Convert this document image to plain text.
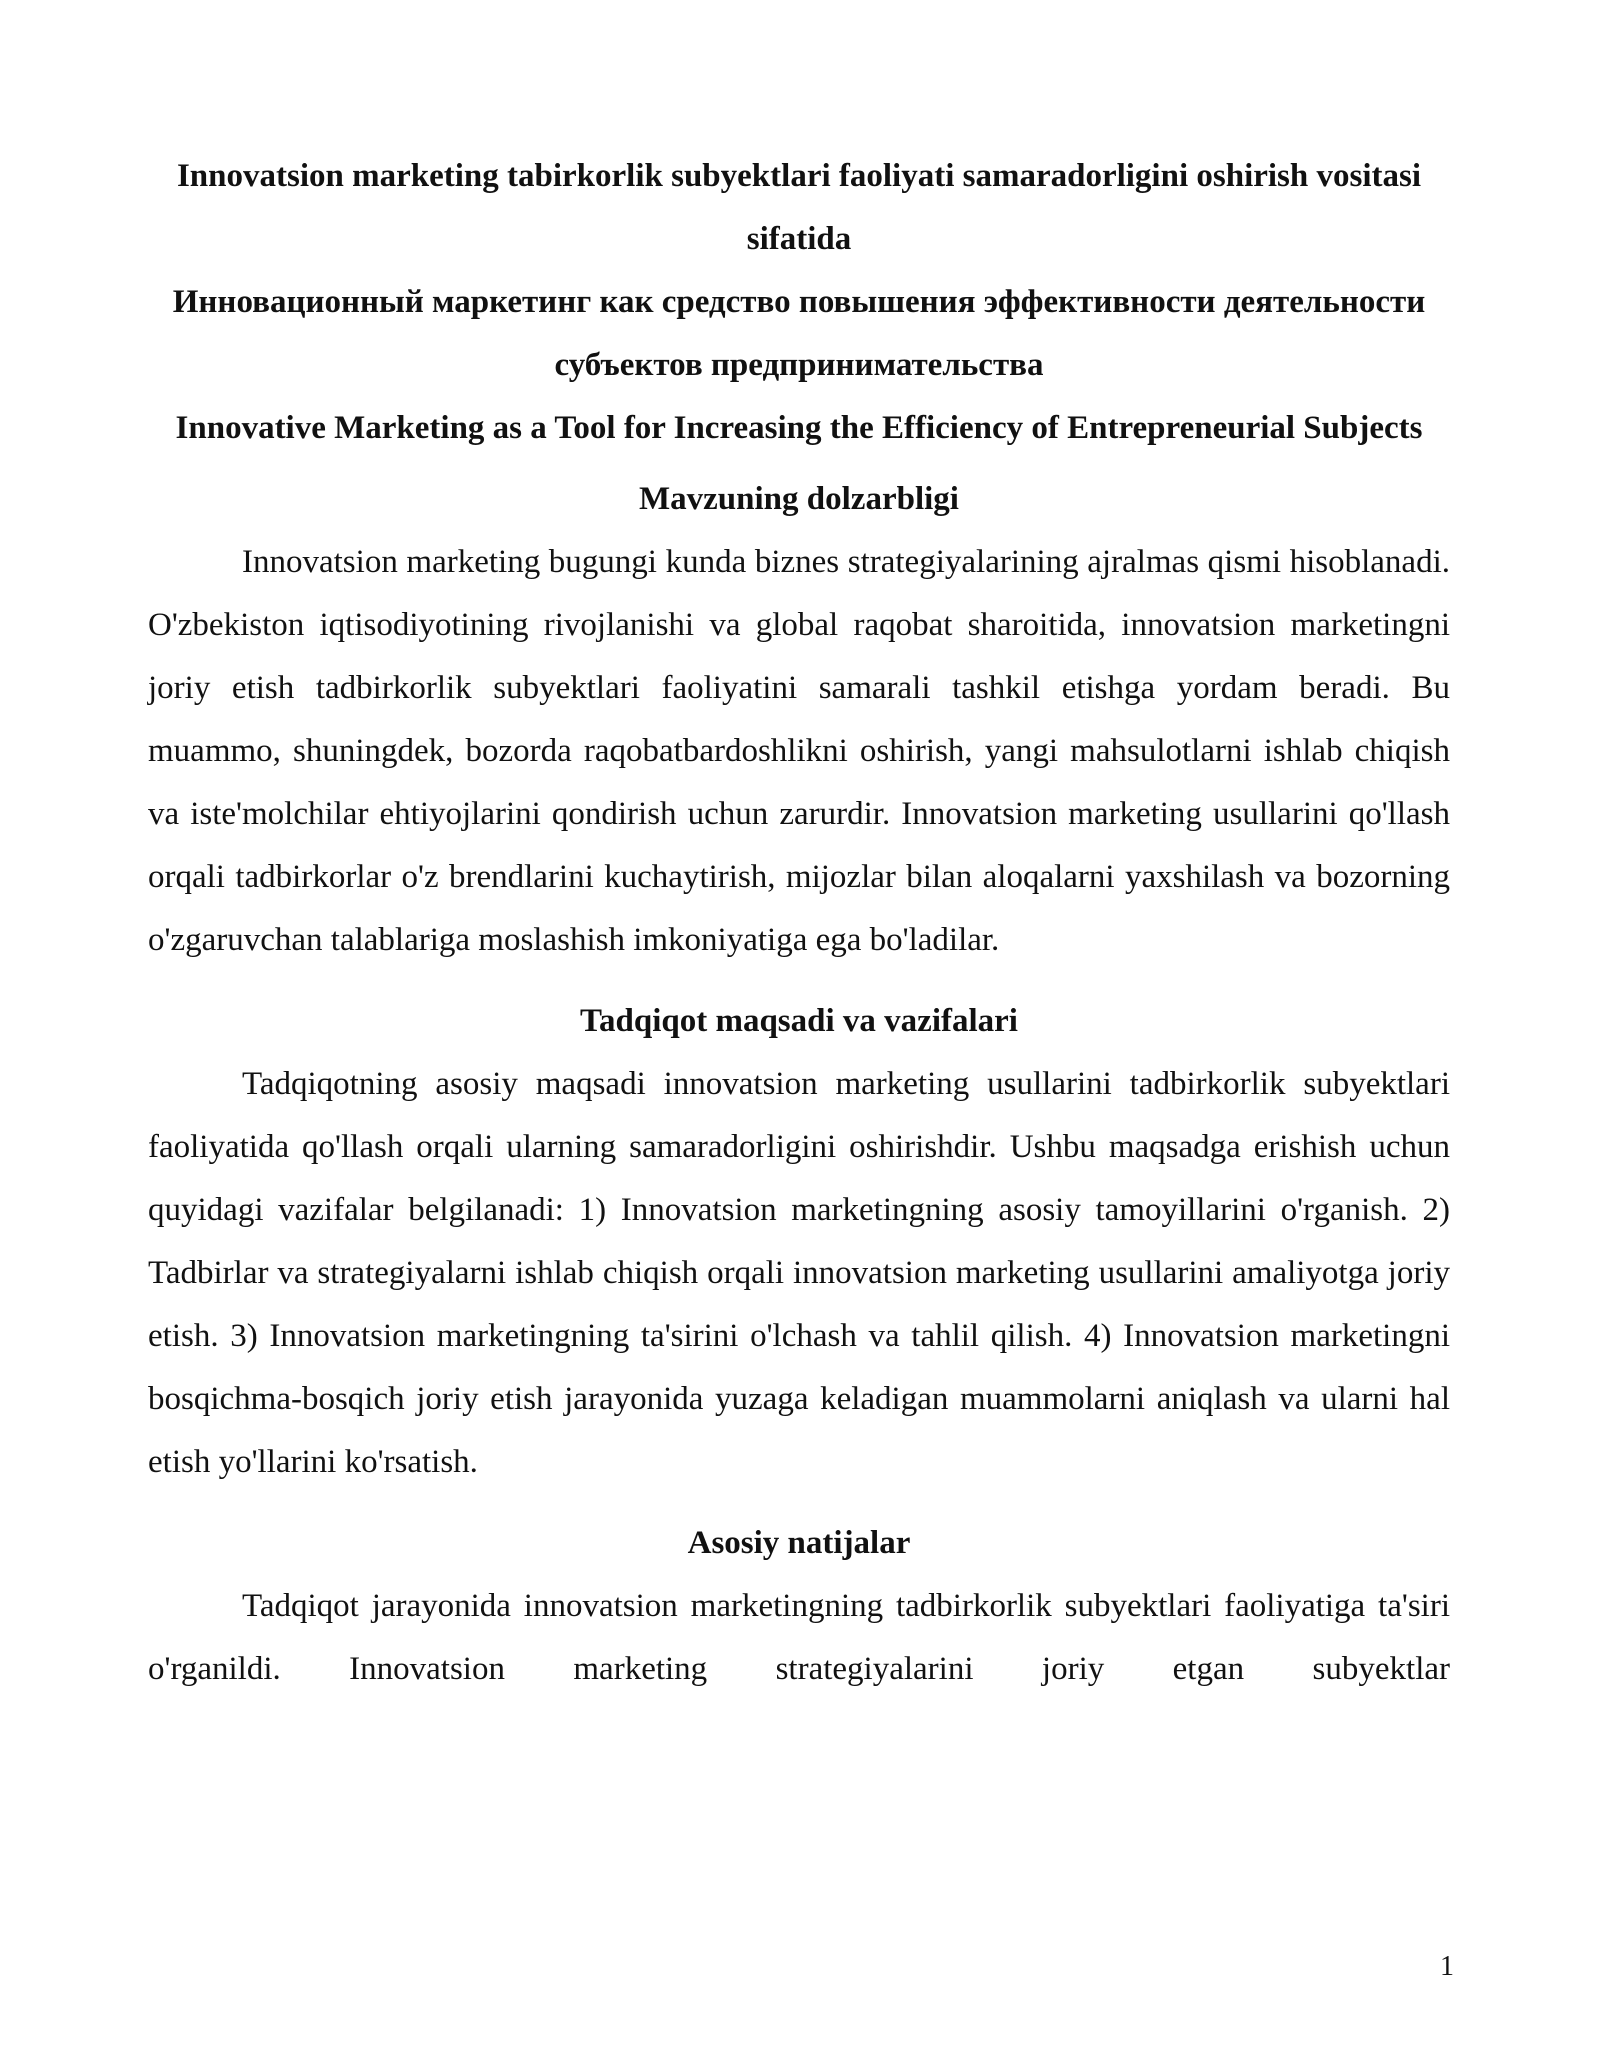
Innovatsion marketing tabirkorlik subyektlari faoliyati samaradorligini oshirish vositasi sifatida

Инновационный маркетинг как средство повышения эффективности деятельности субъектов предпринимательства

Innovative Marketing as a Tool for Increasing the Efficiency of Entrepreneurial Subjects

Mavzuning dolzarbligi

Innovatsion marketing bugungi kunda biznes strategiyalarining ajralmas qismi hisoblanadi. O'zbekiston iqtisodiyotining rivojlanishi va global raqobat sharoitida, innovatsion marketingni joriy etish tadbirkorlik subyektlari faoliyatini samarali tashkil etishga yordam beradi. Bu muammo, shuningdek, bozorda raqobatbardoshlikni oshirish, yangi mahsulotlarni ishlab chiqish va iste'molchilar ehtiyojlarini qondirish uchun zarurdir. Innovatsion marketing usullarini qo'llash orqali tadbirkorlar o'z brendlarini kuchaytirish, mijozlar bilan aloqalarni yaxshilash va bozorning o'zgaruvchan talablariga moslashish imkoniyatiga ega bo'ladilar.

Tadqiqot maqsadi va vazifalari

Tadqiqotning asosiy maqsadi innovatsion marketing usullarini tadbirkorlik subyektlari faoliyatida qo'llash orqali ularning samaradorligini oshirishdir. Ushbu maqsadga erishish uchun quyidagi vazifalar belgilanadi: 1) Innovatsion marketingning asosiy tamoyillarini o'rganish. 2) Tadbirlar va strategiyalarni ishlab chiqish orqali innovatsion marketing usullarini amaliyotga joriy etish. 3) Innovatsion marketingning ta'sirini o'lchash va tahlil qilish. 4) Innovatsion marketingni bosqichma-bosqich joriy etish jarayonida yuzaga keladigan muammolarni aniqlash va ularni hal etish yo'llarini ko'rsatish.

Asosiy natijalar

Tadqiqot jarayonida innovatsion marketingning tadbirkorlik subyektlari faoliyatiga ta'siri o'rganildi. Innovatsion marketing strategiyalarini joriy etgan subyektlar

1
